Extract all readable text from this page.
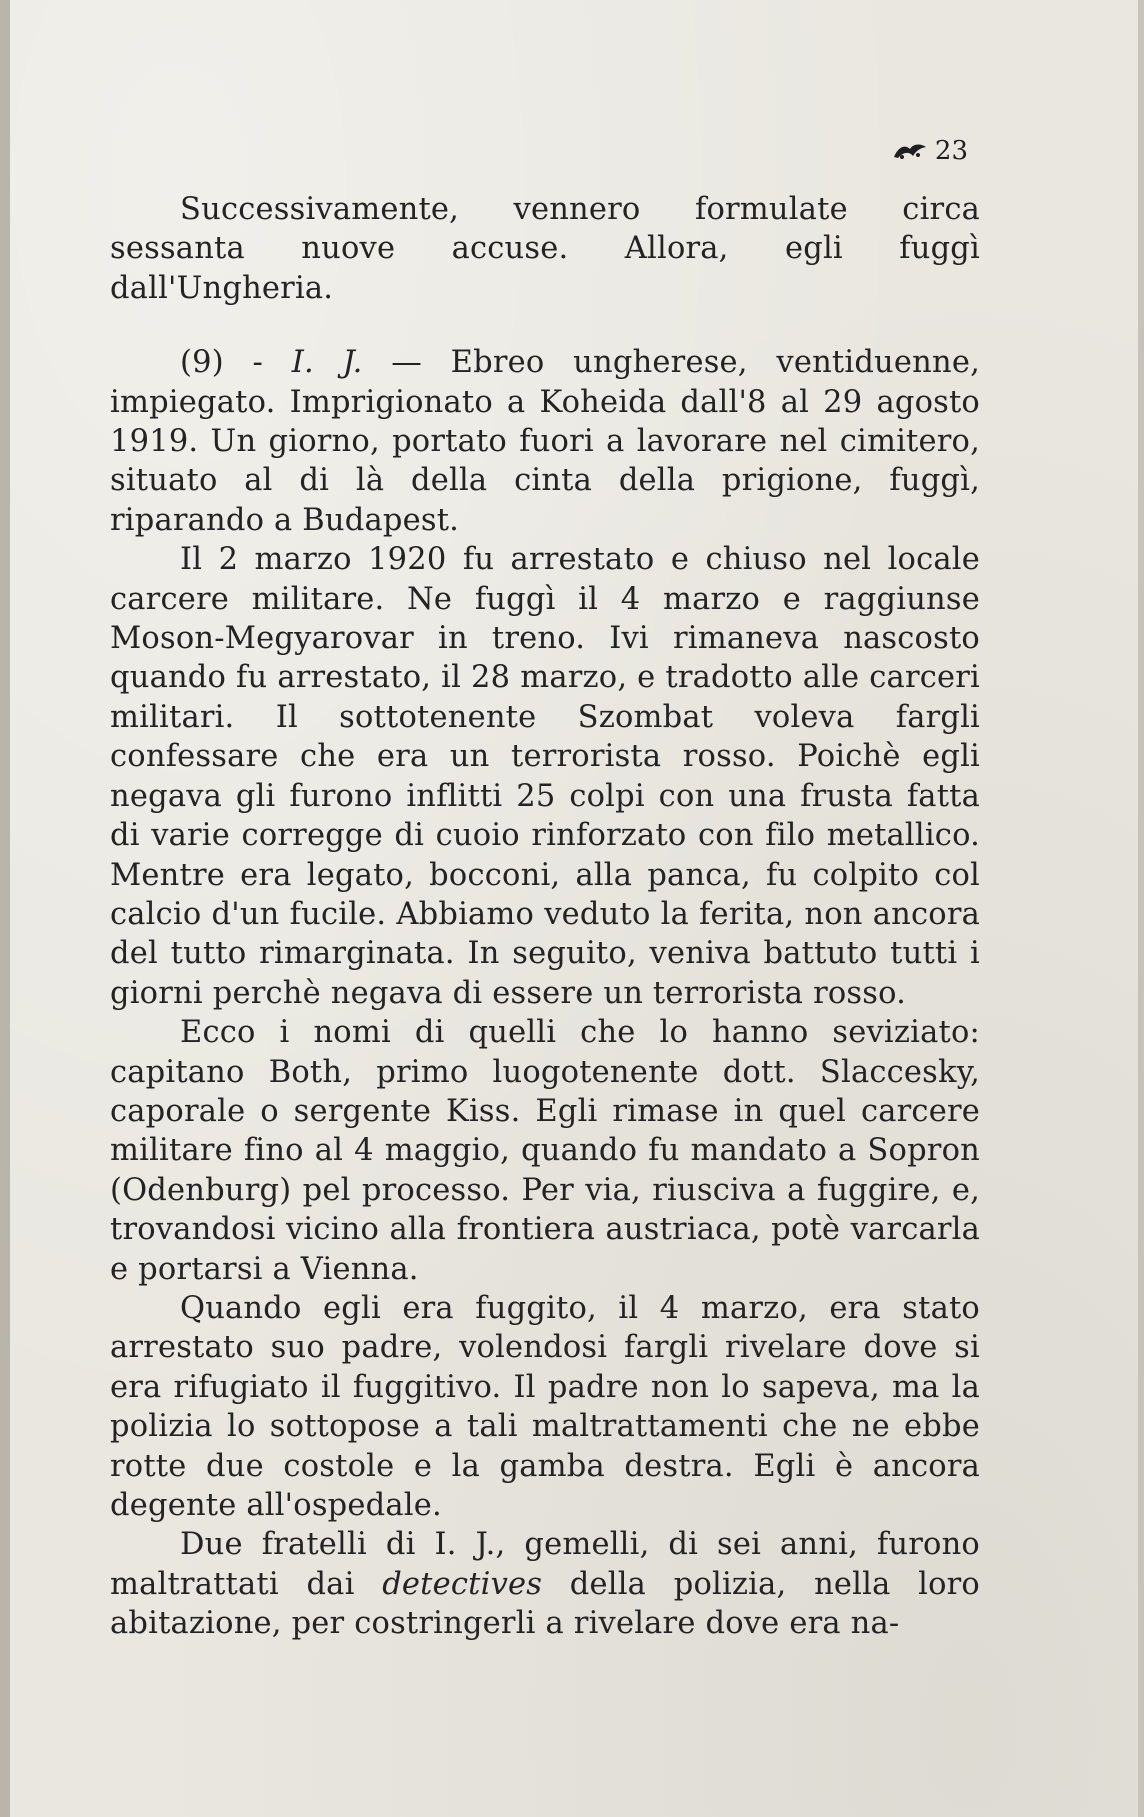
23

Successivamente, vennero formulate circa sessanta nuove accuse. Allora, egli fuggì dall'Ungheria.

(9) - I. J. — Ebreo ungherese, ventiduenne, impiegato. Imprigionato a Koheida dall'8 al 29 agosto 1919. Un giorno, portato fuori a lavorare nel cimitero, situato al di là della cinta della prigione, fuggì, riparando a Budapest.

Il 2 marzo 1920 fu arrestato e chiuso nel locale carcere militare. Ne fuggì il 4 marzo e raggiunse Moson-Megyarovar in treno. Ivi rimaneva nascosto quando fu arrestato, il 28 marzo, e tradotto alle carceri militari. Il sottotenente Szombat voleva fargli confessare che era un terrorista rosso. Poichè egli negava gli furono inflitti 25 colpi con una frusta fatta di varie corregge di cuoio rinforzato con filo metallico. Mentre era legato, bocconi, alla panca, fu colpito col calcio d'un fucile. Abbiamo veduto la ferita, non ancora del tutto rimarginata. In seguito, veniva battuto tutti i giorni perchè negava di essere un terrorista rosso.

Ecco i nomi di quelli che lo hanno seviziato: capitano Both, primo luogotenente dott. Slaccesky, caporale o sergente Kiss. Egli rimase in quel carcere militare fino al 4 maggio, quando fu mandato a Sopron (Odenburg) pel processo. Per via, riusciva a fuggire, e, trovandosi vicino alla frontiera austriaca, potè varcarla e portarsi a Vienna.

Quando egli era fuggito, il 4 marzo, era stato arrestato suo padre, volendosi fargli rivelare dove si era rifugiato il fuggitivo. Il padre non lo sapeva, ma la polizia lo sottopose a tali maltrattamenti che ne ebbe rotte due costole e la gamba destra. Egli è ancora degente all'ospedale.

Due fratelli di I. J., gemelli, di sei anni, furono maltrattati dai detectives della polizia, nella loro abitazione, per costringerli a rivelare dove era na-
